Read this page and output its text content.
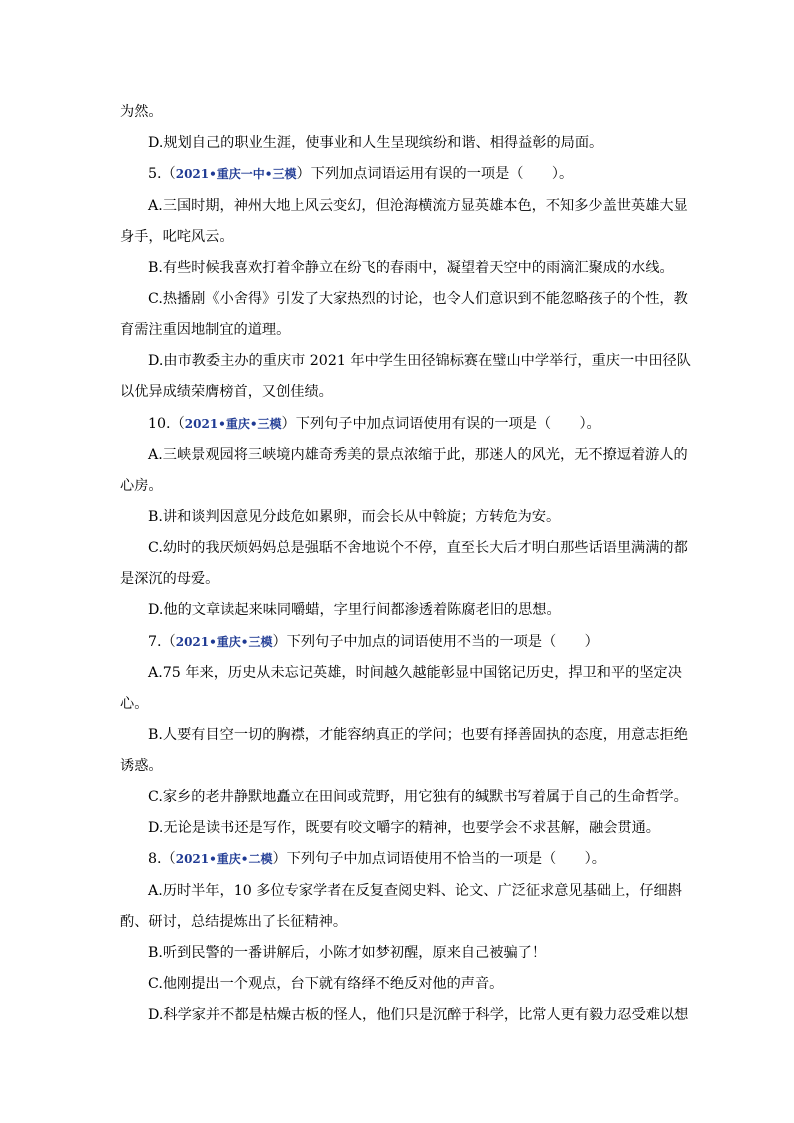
为然。
D.规划自己的职业生涯，使事业和人生呈现缤纷和谐、相得益彰的局面。
5.（2021•重庆一中•三模）下列加点词语运用有误的一项是（　　）。
A.三国时期，神州大地上风云变幻，但沧海横流方显英雄本色，不知多少盖世英雄大显
身手，叱咤风云。
B.有些时候我喜欢打着伞静立在纷飞的春雨中，凝望着天空中的雨滴汇聚成的水线。
C.热播剧《小舍得》引发了大家热烈的讨论，也令人们意识到不能忽略孩子的个性，教
育需注重因地制宜的道理。
D.由市教委主办的重庆市 2021 年中学生田径锦标赛在璧山中学举行，重庆一中田径队
以优异成绩荣膺榜首，又创佳绩。
10.（2021•重庆•三模）下列句子中加点词语使用有误的一项是（　　）。
A.三峡景观园将三峡境内雄奇秀美的景点浓缩于此，那迷人的风光，无不撩逗着游人的
心房。
B.讲和谈判因意见分歧危如累卵，而会长从中斡旋；方转危为安。
C.幼时的我厌烦妈妈总是强聒不舍地说个不停，直至长大后才明白那些话语里满满的都
是深沉的母爱。
D.他的文章读起来味同嚼蜡，字里行间都渗透着陈腐老旧的思想。
7.（2021•重庆•三模）下列句子中加点的词语使用不当的一项是（　　）
A.75 年来，历史从未忘记英雄，时间越久越能彰显中国铭记历史，捍卫和平的坚定决
心。
B.人要有目空一切的胸襟，才能容纳真正的学问；也要有择善固执的态度，用意志拒绝
诱惑。
C.家乡的老井静默地矗立在田间或荒野，用它独有的缄默书写着属于自己的生命哲学。
D.无论是读书还是写作，既要有咬文嚼字的精神，也要学会不求甚解，融会贯通。
8.（2021•重庆•二模）下列句子中加点词语使用不恰当的一项是（　　）。
A.历时半年，10 多位专家学者在反复查阅史料、论文、广泛征求意见基础上，仔细斟
酌、研讨，总结提炼出了长征精神。
B.听到民警的一番讲解后，小陈才如梦初醒，原来自己被骗了！
C.他刚提出一个观点，台下就有络绎不绝反对他的声音。
D.科学家并不都是枯燥古板的怪人，他们只是沉醉于科学，比常人更有毅力忍受难以想
